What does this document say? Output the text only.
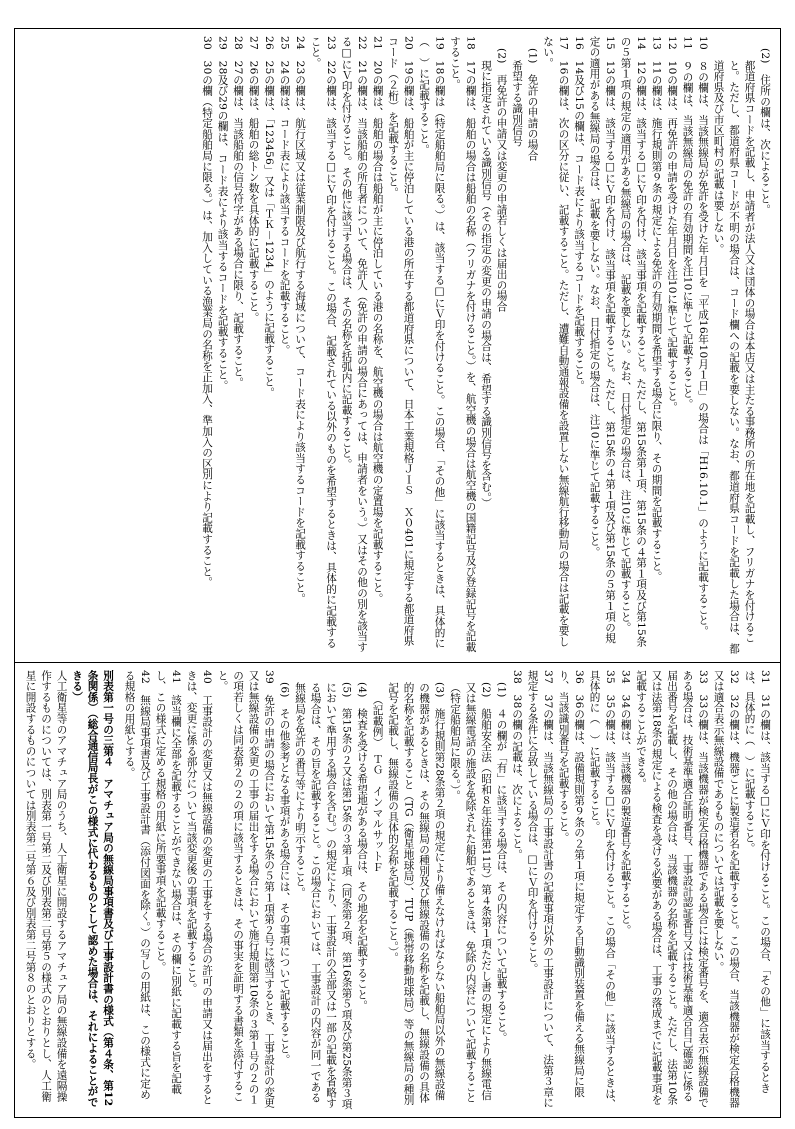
(2)　住所の欄は、次によること。
都道府県コードを記載し、申請者が法人又は団体の場合は本店又は主たる事務所の所在地を記載し、フリガナを付けること。ただし、都道府県コードが不明の場合は、コード欄への記載を要しない。なお、都道府県コードを記載した場合は、都道府県及び市区町村の記載は要しない。
10　８の欄は、当該無線局が免許を受けた年月日を「平成16年10月１日」の場合は「H16.10.1」のように記載すること。
11　９の欄は、当該無線局の免許の有効期間を注10に準じて記載すること。
12　10の欄は、再免許の申請を受けた年月日を注10に準じて記載すること。
13　11の欄は、施行規則第９条の規定による免許の有効期間を希望する場合に限り、その期間を記載すること。
14　12の欄は、該当する□にＶ印を付け、該当事項を記載すること。ただし、第15条第１項、第15条の４第１項及び第15条の５第１項の規定の適用がある無線局の場合は、記載を要しない。なお、日付指定の場合は、注10に準じて記載すること。
15　13の欄は、該当する□にＶ印を付け、該当事項を記載すること。ただし、第15条の４第１項及び第15条の５第１項の規定の適用がある無線局の場合は、記載を要しない。なお、日付指定の場合は、注10に準じて記載すること。
16　14及び15の欄は、コード表により該当するコードを記載すること。
17　16の欄は、次の区分に従い、記載すること。ただし、遭難自動通報設備を設置しない無線航行移動局の場合は記載を要しない。
(1)　免許の申請の場合
希望する識別信号
(2)　再免許の申請又は変更の申請若しくは届出の場合
現に指定されている識別信号（その指定の変更の申請の場合は、希望する識別信号を含む。）
18　17の欄は、船舶の場合は船舶の名称（フリガナを付けること。）を、航空機の場合は航空機の国籍記号及び登録記号を記載すること。
19　18の欄は（特定船舶局に限る。）は、該当する□にＶ印を付けること。この場合、「その他」に該当するときは、具体的に（　）に記載すること。
20　19の欄は、船舶が主に停泊している港の所在する都道府県について、日本工業規格ＪＩＳ　Ｘ０401に規定する都道府県コード（２桁）を記載すること。
21　20の欄は、船舶の場合は船舶が主に停泊している港の名称を、航空機の場合は航空機の定置場を記載すること。
22　21の欄は、当該船舶の所有者について、免許人（免許の申請の場合にあっては、申請者をいう。）又はその他の別を該当する□にＶ印を付けること。その他に該当する場合は、その名称を括弧内に記載すること。
23　22の欄は、該当する□にＶ印を付けること。この場合、記載されている以外のものを希望するときは、具体的に記載すること。
24　23の欄は、航行区域又は従業制限及び航行する海域について、コード表により該当するコードを記載すること。
25　24の欄は、コード表により該当するコードを記載すること。
26　25の欄は、「123456」又は「ＴＫ－1234」のように記載すること。
27　26の欄は、船舶の総トン数を具体的に記載すること。
28　27の欄は、当該船舶の信号符字がある場合に限り、記載すること。
29　28及び29の欄は、コード表により該当するコードを記載すること。
30　30の欄（特定船舶局に限る。）は、加入している漁業局の名称を正加入、準加入の区別により記載すること。
31　31の欄は、該当する□にＶ印を付けること。この場合、「その他」に該当するときは、具体的に（　）に記載すること。
32　32の欄は、機器ごとに製造者名を記載すること。この場合、当該機器が検定合格機器又は適合表示無線設備であるものについては記載を要しない。
33　33の欄は、当該機器が検定合格機器である場合には検定番号を、適合表示無線設備である場合は、技術基準適合証明番号、工事設計認証番号又は技術基準適合自己確認に係る届出番号を記載し、その他の場合は、当該機器の名称を記載すること。ただし、法第10条又は法第18条の規定による検査を受ける必要がある場合は、工事の落成までに記載事項を記載することができる。
34　34の欄は、当該機器の製造番号を記載すること。
35　35の欄は、該当する□にＶ印を付けること。この場合「その他」に該当するときは、具体的に（　）に記載すること。
36　36の欄は、設備規則第９条の２第１項に規定する自動識別装置を備える無線局に限り、当該識別番号を記載すること。
37　37の欄は、当該無線局の工事設計書の記載事項以外の工事設計について、法第３章に規定する条件に合致している場合は、□にＶ印を付けること。
38　38の欄の記載は、次によること。
(1)　４の欄が「有」に該当する場合は、その内容について記載すること。
(2)　船舶安全法（昭和８年法律第11号）第４条第１項ただし書の規定により無線電信又は無線電話の施設を免除された船舶であるときは、免除の内容について記載すること（特定船舶局に限る。）。
(3)　施行規則第28条第２項の規定により備えなければならない船舶局以外の無線設備の機器があるときは、その無線局の種別及び無線設備の名称を記載し、無線設備の具体的名称を記載すること（TG（衛星地球局）、TUP（携帯移動地球局）等の無線局の種別記号を記載し、無線設備の具体的名称を記載すること。）。
（記載例）　ＴＧ　インマルサットＦ
(4)　検査を受ける希望地がある場合は、その地名を記載すること。
(5)　第15条の２又は第15条の３第１項（同条第２項、第16条第５項及び第25条第３項において準用する場合を含む。）の規定により、工事設計の全部又は一部の記載を省略する場合は、その旨を記載すること。この場合においては、工事設計の内容が同一である無線局を免許の番号等により明示すること。
(6)　その他参考となる事項がある場合には、その事項について記載すること。
39　免許の申請の場合において第15条の５第１項第２号に該当するとき、工事設計の変更又は無線設備の変更の工事の届出をする場合において施行規則第10条の３第１号の２の１の項若しくは同表第２の２の項に該当するときは、その事実を証明する書類を添付すること。
40　工事設計の変更又は無線設備の変更の工事をする場合の許可の申請又は届出をするときは、変更に係る部分について当該変更後の事項を記載すること。
41　該当欄に全部を記載することができない場合は、その欄に別紙に記載する旨を記載し、この様式に定める規格の用紙に所要事項を記載すること。
42　無線局事項書及び工事設計書（添付図面を除く。）の写しの用紙は、この様式に定める規格の用紙とする。
別表第一号の三第４　アマチュア局の無線局事項書及び工事設計書の様式（第４条、第12条関係）（総合通信局長がこの様式に代わるものとして認めた場合は、それによることができる）
人工衛星等のアマチュア局のうち、人工衛星に開設するアマチュア局の無線設備を遠隔操作するものについては、別表第一号第二及び別表第二号第５の様式のとおりとし、人工衛星に開設するものについては別表第二号第６及び別表第二号第８のとおりとする。
